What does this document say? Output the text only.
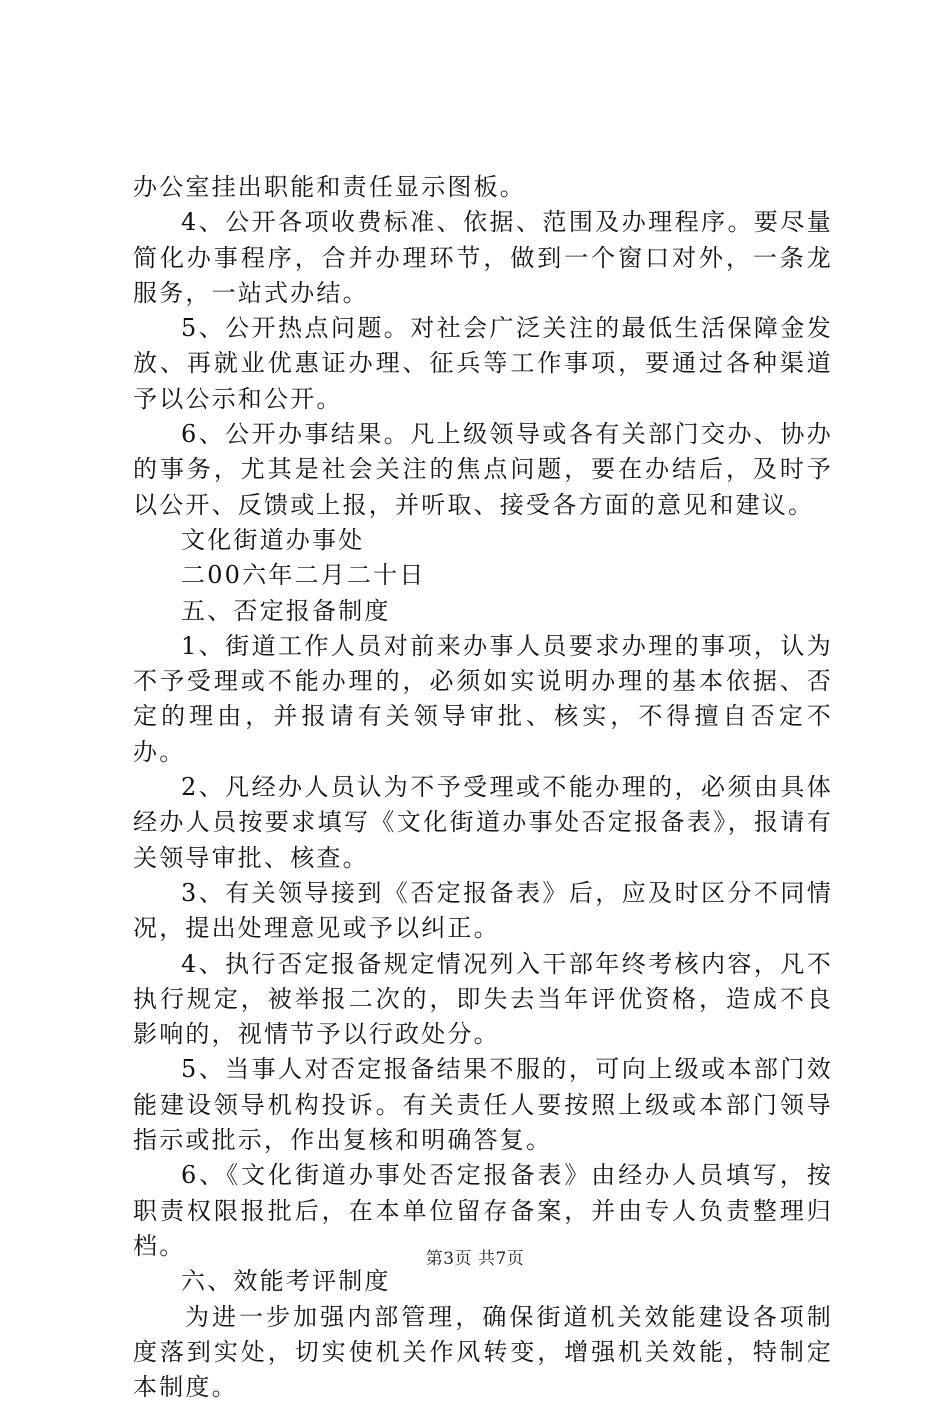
办公室挂出职能和责任显示图板。

4、公开各项收费标准、依据、范围及办理程序。要尽量简化办事程序，合并办理环节，做到一个窗口对外，一条龙服务，一站式办结。

5、公开热点问题。对社会广泛关注的最低生活保障金发放、再就业优惠证办理、征兵等工作事项，要通过各种渠道予以公示和公开。

6、公开办事结果。凡上级领导或各有关部门交办、协办的事务，尤其是社会关注的焦点问题，要在办结后，及时予以公开、反馈或上报，并听取、接受各方面的意见和建议。

文化街道办事处

二00六年二月二十日

五、否定报备制度

1、街道工作人员对前来办事人员要求办理的事项，认为不予受理或不能办理的，必须如实说明办理的基本依据、否定的理由，并报请有关领导审批、核实，不得擅自否定不办。

2、凡经办人员认为不予受理或不能办理的，必须由具体经办人员按要求填写《文化街道办事处否定报备表》，报请有关领导审批、核查。

3、有关领导接到《否定报备表》后，应及时区分不同情况，提出处理意见或予以纠正。

4、执行否定报备规定情况列入干部年终考核内容，凡不执行规定，被举报二次的，即失去当年评优资格，造成不良影响的，视情节予以行政处分。

5、当事人对否定报备结果不服的，可向上级或本部门效能建设领导机构投诉。有关责任人要按照上级或本部门领导指示或批示，作出复核和明确答复。

6、《文化街道办事处否定报备表》由经办人员填写，按职责权限报批后，在本单位留存备案，并由专人负责整理归档。

六、效能考评制度

为进一步加强内部管理，确保街道机关效能建设各项制度落到实处，切实使机关作风转变，增强机关效能，特制定本制度。

第3页 共7页
